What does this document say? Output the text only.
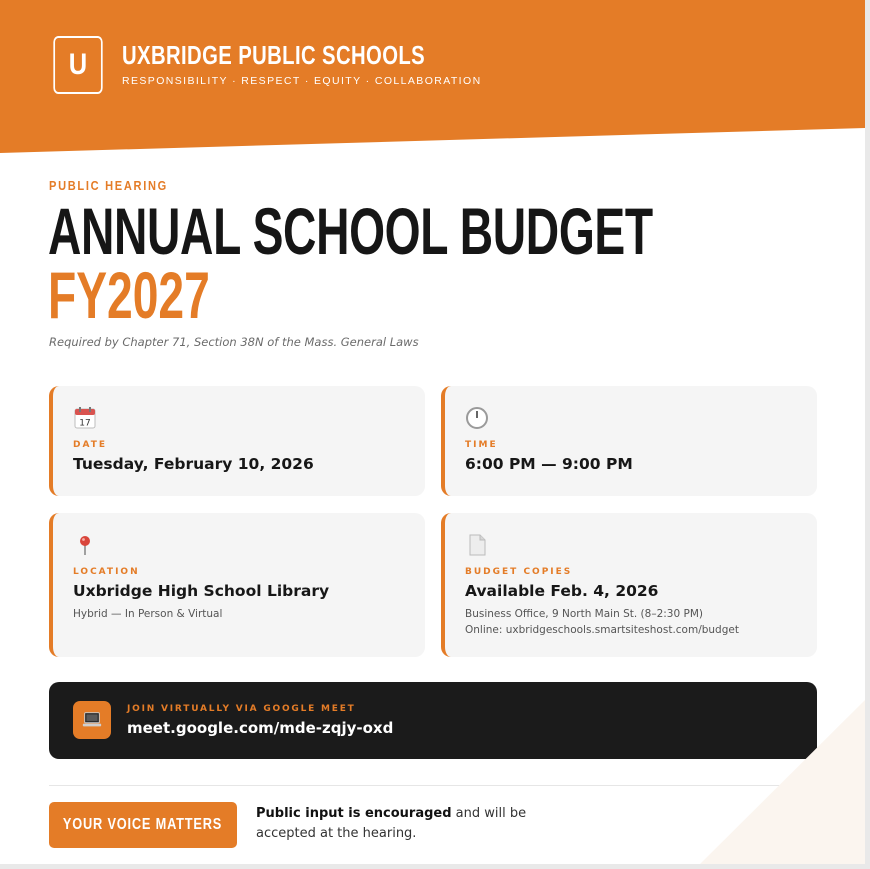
U UXBRIDGE PUBLIC SCHOOLS
RESPONSIBILITY · RESPECT · EQUITY · COLLABORATION
PUBLIC HEARING
ANNUAL SCHOOL BUDGET
FY2027
Required by Chapter 71, Section 38N of the Mass. General Laws
17
DATE
Tuesday, February 10, 2026
TIME
6:00 PM — 9:00 PM
LOCATION
Uxbridge High School Library
Hybrid — In Person & Virtual
BUDGET COPIES
Available Feb. 4, 2026
Business Office, 9 North Main St. (8–2:30 PM)
Online: uxbridgeschools.smartsiteshost.com/budget
JOIN VIRTUALLY VIA GOOGLE MEET
meet.google.com/mde-zqjy-oxd
YOUR VOICE MATTERS
Public input is encouraged and will be accepted at the hearing.
